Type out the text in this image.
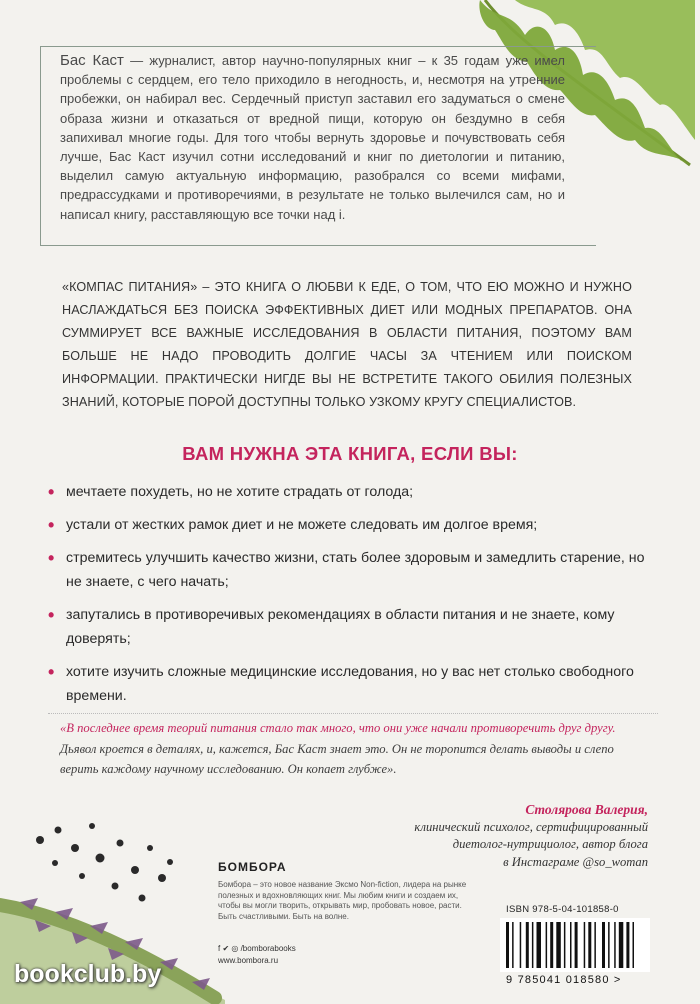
Бас Каст — журналист, автор научно-популярных книг – к 35 годам уже имел проблемы с сердцем, его тело приходило в негодность, и, несмотря на утренние пробежки, он набирал вес. Сердечный приступ заставил его задуматься о смене образа жизни и отказаться от вредной пищи, которую он бездумно в себя запихивал многие годы. Для того чтобы вернуть здоровье и почувствовать себя лучше, Бас Каст изучил сотни исследований и книг по диетологии и питанию, выделил самую актуальную информацию, разобрался со всеми мифами, предрассудками и противоречиями, в результате не только вылечился сам, но и написал книгу, расставляющую все точки над i.
«КОМПАС ПИТАНИЯ» – ЭТО КНИГА О ЛЮБВИ К ЕДЕ, О ТОМ, ЧТО ЕЮ МОЖНО И НУЖНО НАСЛАЖДАТЬСЯ БЕЗ ПОИСКА ЭФФЕКТИВНЫХ ДИЕТ ИЛИ МОДНЫХ ПРЕПАРАТОВ. ОНА СУММИРУЕТ ВСЕ ВАЖНЫЕ ИССЛЕДОВАНИЯ В ОБЛАСТИ ПИТАНИЯ, ПОЭТОМУ ВАМ БОЛЬШЕ НЕ НАДО ПРОВОДИТЬ ДОЛГИЕ ЧАСЫ ЗА ЧТЕНИЕМ ИЛИ ПОИСКОМ ИНФОРМАЦИИ. ПРАКТИЧЕСКИ НИГДЕ ВЫ НЕ ВСТРЕТИТЕ ТАКОГО ОБИЛИЯ ПОЛЕЗНЫХ ЗНАНИЙ, КОТОРЫЕ ПОРОЙ ДОСТУПНЫ ТОЛЬКО УЗКОМУ КРУГУ СПЕЦИАЛИСТОВ.
ВАМ НУЖНА ЭТА КНИГА, ЕСЛИ ВЫ:
• мечтаете похудеть, но не хотите страдать от голода;
• устали от жестких рамок диет и не можете следовать им долгое время;
• стремитесь улучшить качество жизни, стать более здоровым и замедлить старение, но не знаете, с чего начать;
• запутались в противоречивых рекомендациях в области питания и не знаете, кому доверять;
• хотите изучить сложные медицинские исследования, но у вас нет столько свободного времени.
«В последнее время теорий питания стало так много, что они уже начали противоречить друг другу. Дьявол кроется в деталях, и, кажется, Бас Каст знает это. Он не торопится делать выводы и слепо верить каждому научному исследованию. Он копает глубже».
Столярова Валерия,
клинический психолог, сертифицированный
диетолог-нутрициолог, автор блога
в Инстаграме @so_woman
БОМБОРА
Бомбора – это новое название Эксмо Non-fiction, лидера на рынке полезных и вдохновляющих книг. Мы любим книги и создаем их, чтобы вы могли творить, открывать мир, пробовать новое, расти. Быть счастливыми. Быть на волне.
f ✔ ◎ /bomborabooks
www.bombora.ru
ISBN 978-5-04-101858-0
9 785041 018580 >
bookclub.by
